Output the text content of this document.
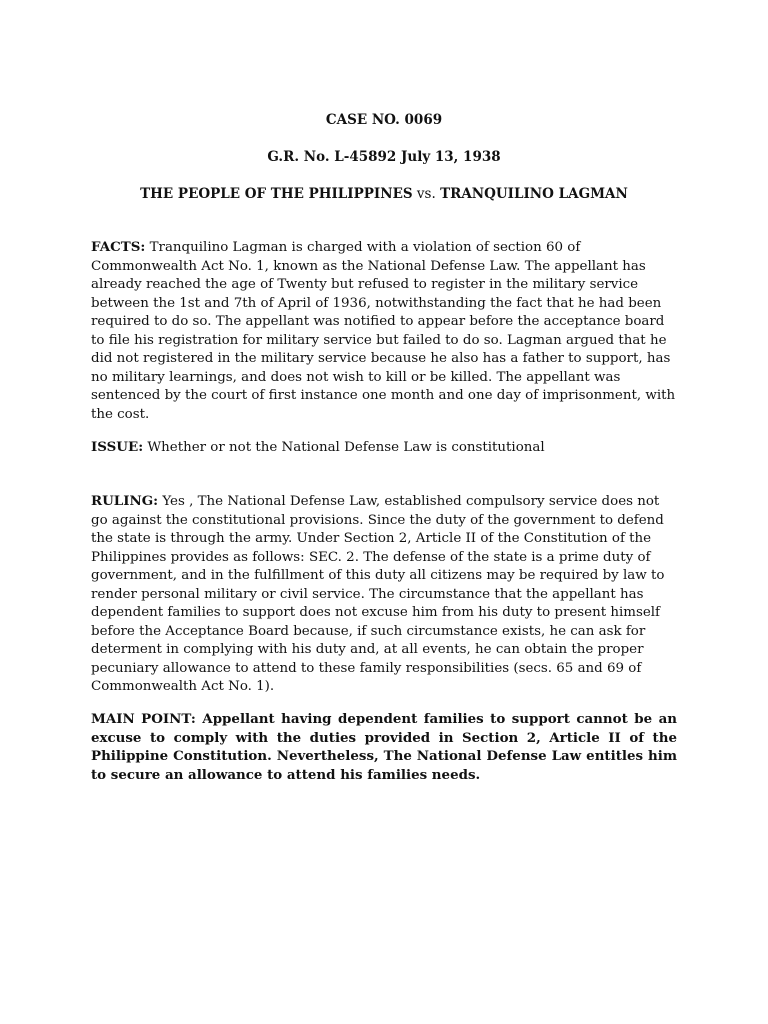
CASE NO. 0069

G.R. No. L-45892 July 13, 1938

THE PEOPLE OF THE PHILIPPINES vs. TRANQUILINO LAGMAN

FACTS: Tranquilino Lagman is charged with a violation of section 60 of Commonwealth Act No. 1, known as the National Defense Law. The appellant has already reached the age of Twenty but refused to register in the military service between the 1st and 7th of April of 1936, notwithstanding the fact that he had been required to do so. The appellant was notified to appear before the acceptance board to file his registration for military service but failed to do so. Lagman argued that he did not registered in the military service because he also has a father to support, has no military learnings, and does not wish to kill or be killed. The appellant was sentenced by the court of first instance one month and one day of imprisonment, with the cost.

ISSUE: Whether or not the National Defense Law is constitutional

RULING: Yes , The National Defense Law, established compulsory service does not go against the constitutional provisions. Since the duty of the government to defend the state is through the army. Under Section 2, Article II of the Constitution of the Philippines provides as follows: SEC. 2. The defense of the state is a prime duty of government, and in the fulfillment of this duty all citizens may be required by law to render personal military or civil service. The circumstance that the appellant has dependent families to support does not excuse him from his duty to present himself before the Acceptance Board because, if such circumstance exists, he can ask for determent in complying with his duty and, at all events, he can obtain the proper pecuniary allowance to attend to these family responsibilities (secs. 65 and 69 of Commonwealth Act No. 1).

MAIN POINT: Appellant having dependent families to support cannot be an excuse to comply with the duties provided in Section 2, Article II of the Philippine Constitution. Nevertheless, The National Defense Law entitles him to secure an allowance to attend his families needs.
